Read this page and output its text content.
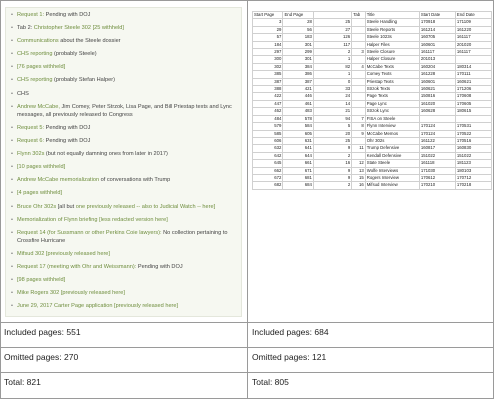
• Request 1: Pending with DOJ
• Tab 2: Christopher Steele 302 [25 withheld]
• Communications about the Steele dossier
• CHS reporting (probably Steele)
• [76 pages withheld]
• CHS reporting (probably Stefan Halper)
• CHS
• Andrew McCabe, Jim Comey, Peter Strzok, Lisa Page, and Bill Priestap texts and Lync messages, all previously released to Congress
• Request 5: Pending with DOJ
• Request 6: Pending with DOJ
• Flynn 302s (but not equally damning ones from later in 2017)
• [10 pages withheld]
• Andrew McCabe memorialization of conversations with Trump
• [4 pages withheld]
• Bruce Ohr 302s [all but one previously released -- also to Judicial Watch -- here]
• Memorialization of Flynn briefing [less redacted version here]
• Request 14 (for Sussmann or other Perkins Coie lawyers): No collection pertaining to Crossfire Hurricane
• Mifsud 302 [previously released here]
• Request 17 (meeting with Ohr and Weissmann): Pending with DOJ
• [98 pages withheld]
• Mike Rogers 302 [previously released here]
• June 29, 2017 Carter Page application [previously released here]
Start Page	End Page		Tab	Title	Start Date	End Date
3	28	25		Steele Handling	170918	171109
29	56	27		Steele Reports	161214	161220
57	183	126		Steele 1023s	160705	161117
184	301	117		Halper Files	160601	201020
297	299	2	3	Steele Closure	161117	161117
300	301	1		Halper Closure	201013	
302	384	82	4	McCabe Texts	160204	180314
385	386	1		Comey Texts	161228	170111
387	387	0		Priestap Texts	160601	160621
388	421	33		Strzok Texts	160621	171206
422	446	24		Page Texts	150816	170608
447	461	14		Page Lync	161020	170605
462	483	21		Strzok Lync	160628	180615
484	578	94	7	FISA on Steele		
579	584	5	8	Flynn Interview	170124	170531
585	605	20	9	McCabe Memos	170124	170522
606	631	25		Ohr 302s	161122	170516
632	641	9	11	Trump Defensive	160817	160830
642	644	2		Kendall Defensive	151022	151022
645	661	16	12	State Steele	161118	181123
662	671	9	13	Wolfe Interviews	171030	180103
672	681	9	15	Rogers Interview	170612	170712
682	684	2	16	Mifsud Interview	170210	170218
Included pages: 551
Omitted pages: 270
Total: 821
Included pages: 684
Omitted pages: 121
Total: 805
